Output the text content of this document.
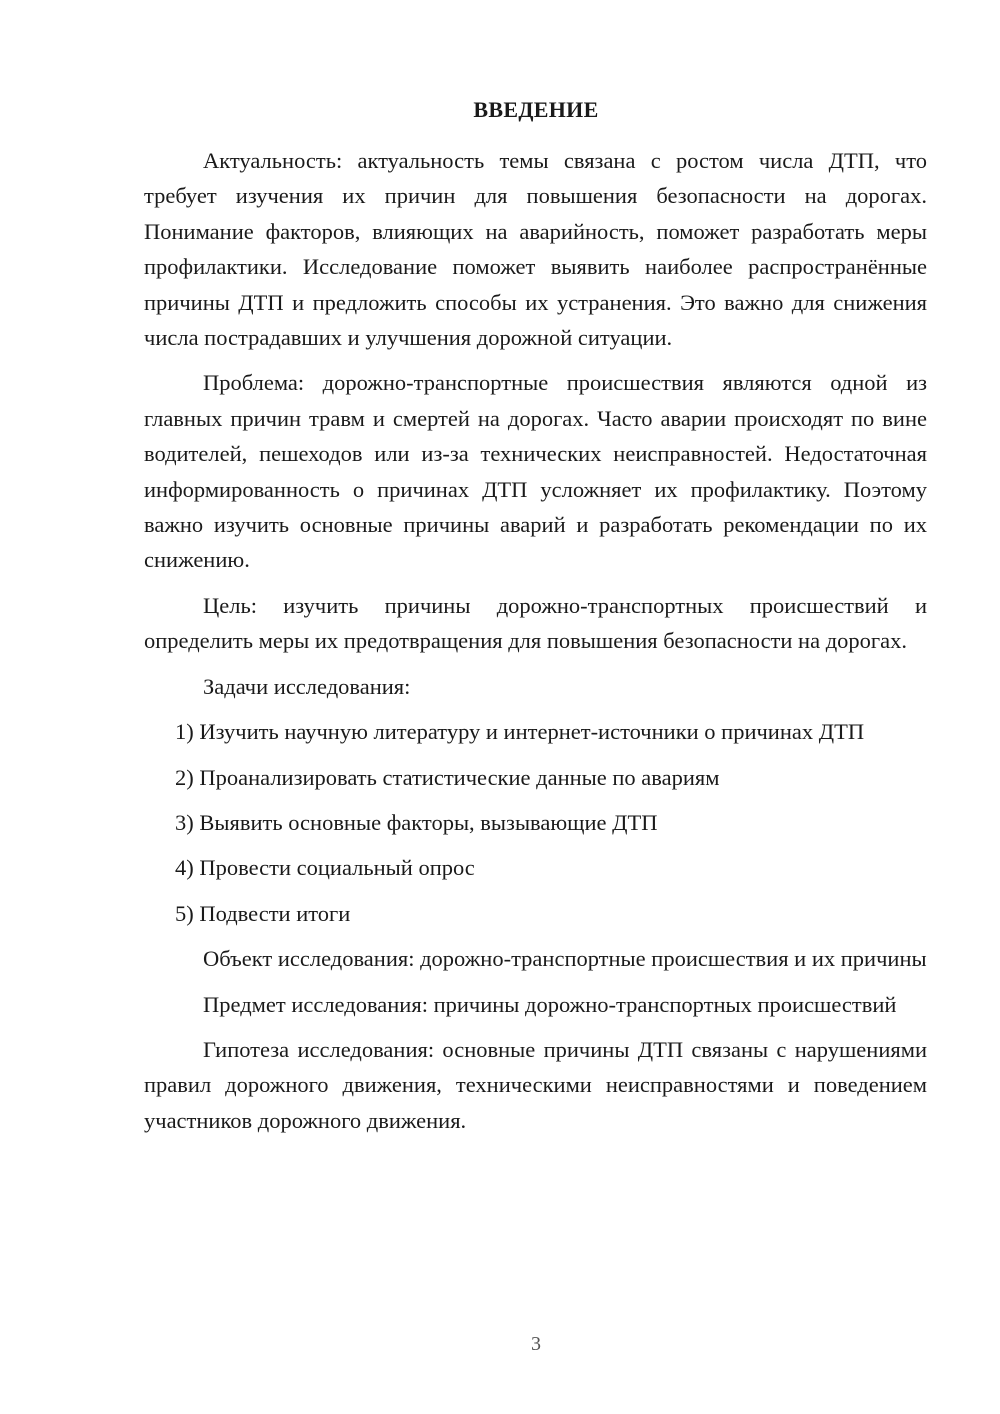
ВВЕДЕНИЕ

Актуальность: актуальность темы связана с ростом числа ДТП, что требует изучения их причин для повышения безопасности на дорогах. Понимание факторов, влияющих на аварийность, поможет разработать меры профилактики. Исследование поможет выявить наиболее распространённые причины ДТП и предложить способы их устранения. Это важно для снижения числа пострадавших и улучшения дорожной ситуации.

Проблема: дорожно-транспортные происшествия являются одной из главных причин травм и смертей на дорогах. Часто аварии происходят по вине водителей, пешеходов или из-за технических неисправностей. Недостаточная информированность о причинах ДТП усложняет их профилактику. Поэтому важно изучить основные причины аварий и разработать рекомендации по их снижению.

Цель: изучить причины дорожно-транспортных происшествий и определить меры их предотвращения для повышения безопасности на дорогах.

Задачи исследования:

1) Изучить научную литературу и интернет-источники о причинах ДТП

2) Проанализировать статистические данные по авариям

3) Выявить основные факторы, вызывающие ДТП

4) Провести социальный опрос

5) Подвести итоги

Объект исследования: дорожно-транспортные происшествия и их причины

Предмет исследования: причины дорожно-транспортных происшествий

Гипотеза исследования: основные причины ДТП связаны с нарушениями правил дорожного движения, техническими неисправностями и поведением участников дорожного движения.

3
